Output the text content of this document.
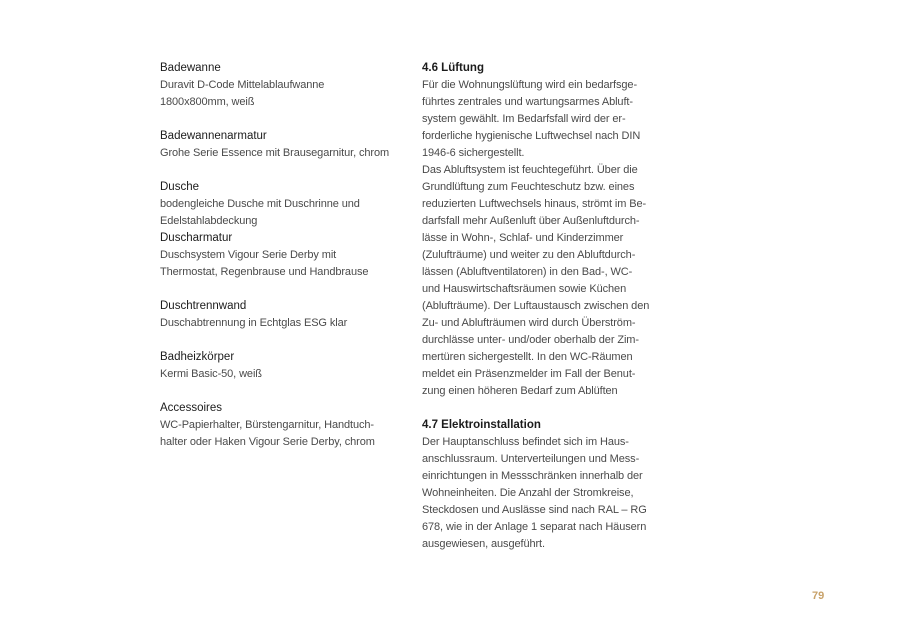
Badewanne

Duravit D-Code Mittelablaufwanne
1800x800mm, weiß

Badewannenarmatur

Grohe Serie Essence mit Brausegarnitur, chrom

Dusche

bodengleiche Dusche mit Duschrinne und
Edelstahlabdeckung

Duscharmatur

Duschsystem Vigour Serie Derby mit
Thermostat, Regenbrause und Handbrause

Duschtrennwand

Duschabtrennung in Echtglas ESG klar

Badheizkörper

Kermi Basic-50, weiß

Accessoires

WC-Papierhalter, Bürstengarnitur, Handtuch-
halter oder Haken Vigour Serie Derby, chrom

4.6 Lüftung

Für die Wohnungslüftung wird ein bedarfsge-
führtes zentrales und wartungsarmes Abluft-
system gewählt. Im Bedarfsfall wird der er-
forderliche hygienische Luftwechsel nach DIN
1946-6 sichergestellt.
Das Abluftsystem ist feuchtegeführt. Über die
Grundlüftung zum Feuchteschutz bzw. eines
reduzierten Luftwechsels hinaus, strömt im Be-
darfsfall mehr Außenluft über Außenluftdurch-
lässe in Wohn-, Schlaf- und Kinderzimmer
(Zulufträume) und weiter zu den Abluftdurch-
lässen (Abluftventilatoren) in den Bad-, WC-
und Hauswirtschaftsräumen sowie Küchen
(Ablufträume). Der Luftaustausch zwischen den
Zu- und Ablufträumen wird durch Überström-
durchlässe unter- und/oder oberhalb der Zim-
mertüren sichergestellt. In den WC-Räumen
meldet ein Präsenzmelder im Fall der Benut-
zung einen höheren Bedarf zum Ablüften

4.7 Elektroinstallation

Der Hauptanschluss befindet sich im Haus-
anschlussraum. Unterverteilungen und Mess-
einrichtungen in Messschränken innerhalb der
Wohneinheiten. Die Anzahl der Stromkreise,
Steckdosen und Auslässe sind nach RAL – RG
678, wie in der Anlage 1 separat nach Häusern
ausgewiesen, ausgeführt.

79
